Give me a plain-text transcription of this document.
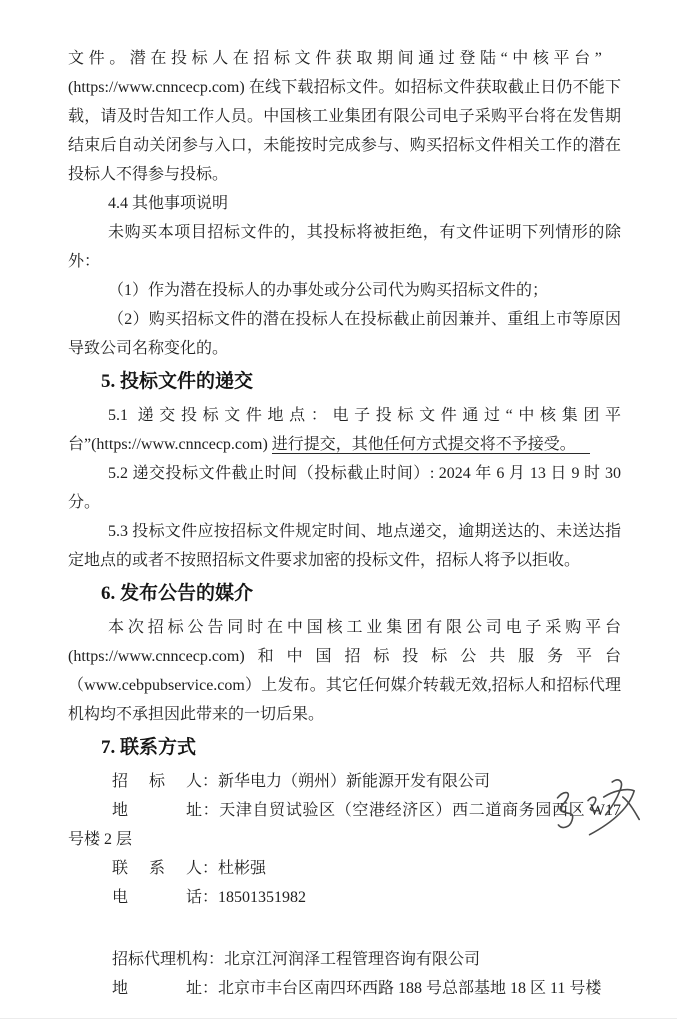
文件。潜在投标人在招标文件获取期间通过登陆“中核平台”

(https://www.cnncecp.com) 在线下载招标文件。如招标文件获取截止日仍不能下载，请及时告知工作人员。中国核工业集团有限公司电子采购平台将在发售期结束后自动关闭参与入口，未能按时完成参与、购买招标文件相关工作的潜在投标人不得参与投标。

4.4 其他事项说明

未购买本项目招标文件的，其投标将被拒绝，有文件证明下列情形的除外：

（1）作为潜在投标人的办事处或分公司代为购买招标文件的；

（2）购买招标文件的潜在投标人在投标截止前因兼并、重组上市等原因导致公司名称变化的。

5. 投标文件的递交

5.1 递交投标文件地点：电子投标文件通过“中核集团平台”(https://www.cnncecp.com) 进行提交，其他任何方式提交将不予接受。

5.2 递交投标文件截止时间（投标截止时间）: 2024 年 6 月 13 日 9 时 30 分。

5.3 投标文件应按招标文件规定时间、地点递交，逾期送达的、未送达指定地点的或者不按照招标文件要求加密的投标文件，招标人将予以拒收。

6. 发布公告的媒介

本次招标公告同时在中国核工业集团有限公司电子采购平台(https://www.cnncecp.com)和中国招标投标公共服务平台（www.cebpubservice.com）上发布。其它任何媒介转载无效,招标人和招标代理机构均不承担因此带来的一切后果。

7. 联系方式

招标人：新华电力（朔州）新能源开发有限公司

地址：天津自贸试验区（空港经济区）西二道商务园西区 W17 号楼 2 层

联系人：杜彬强

电话：18501351982

招标代理机构：北京江河润泽工程管理咨询有限公司

地址：北京市丰台区南四环西路 188 号总部基地 18 区 11 号楼
